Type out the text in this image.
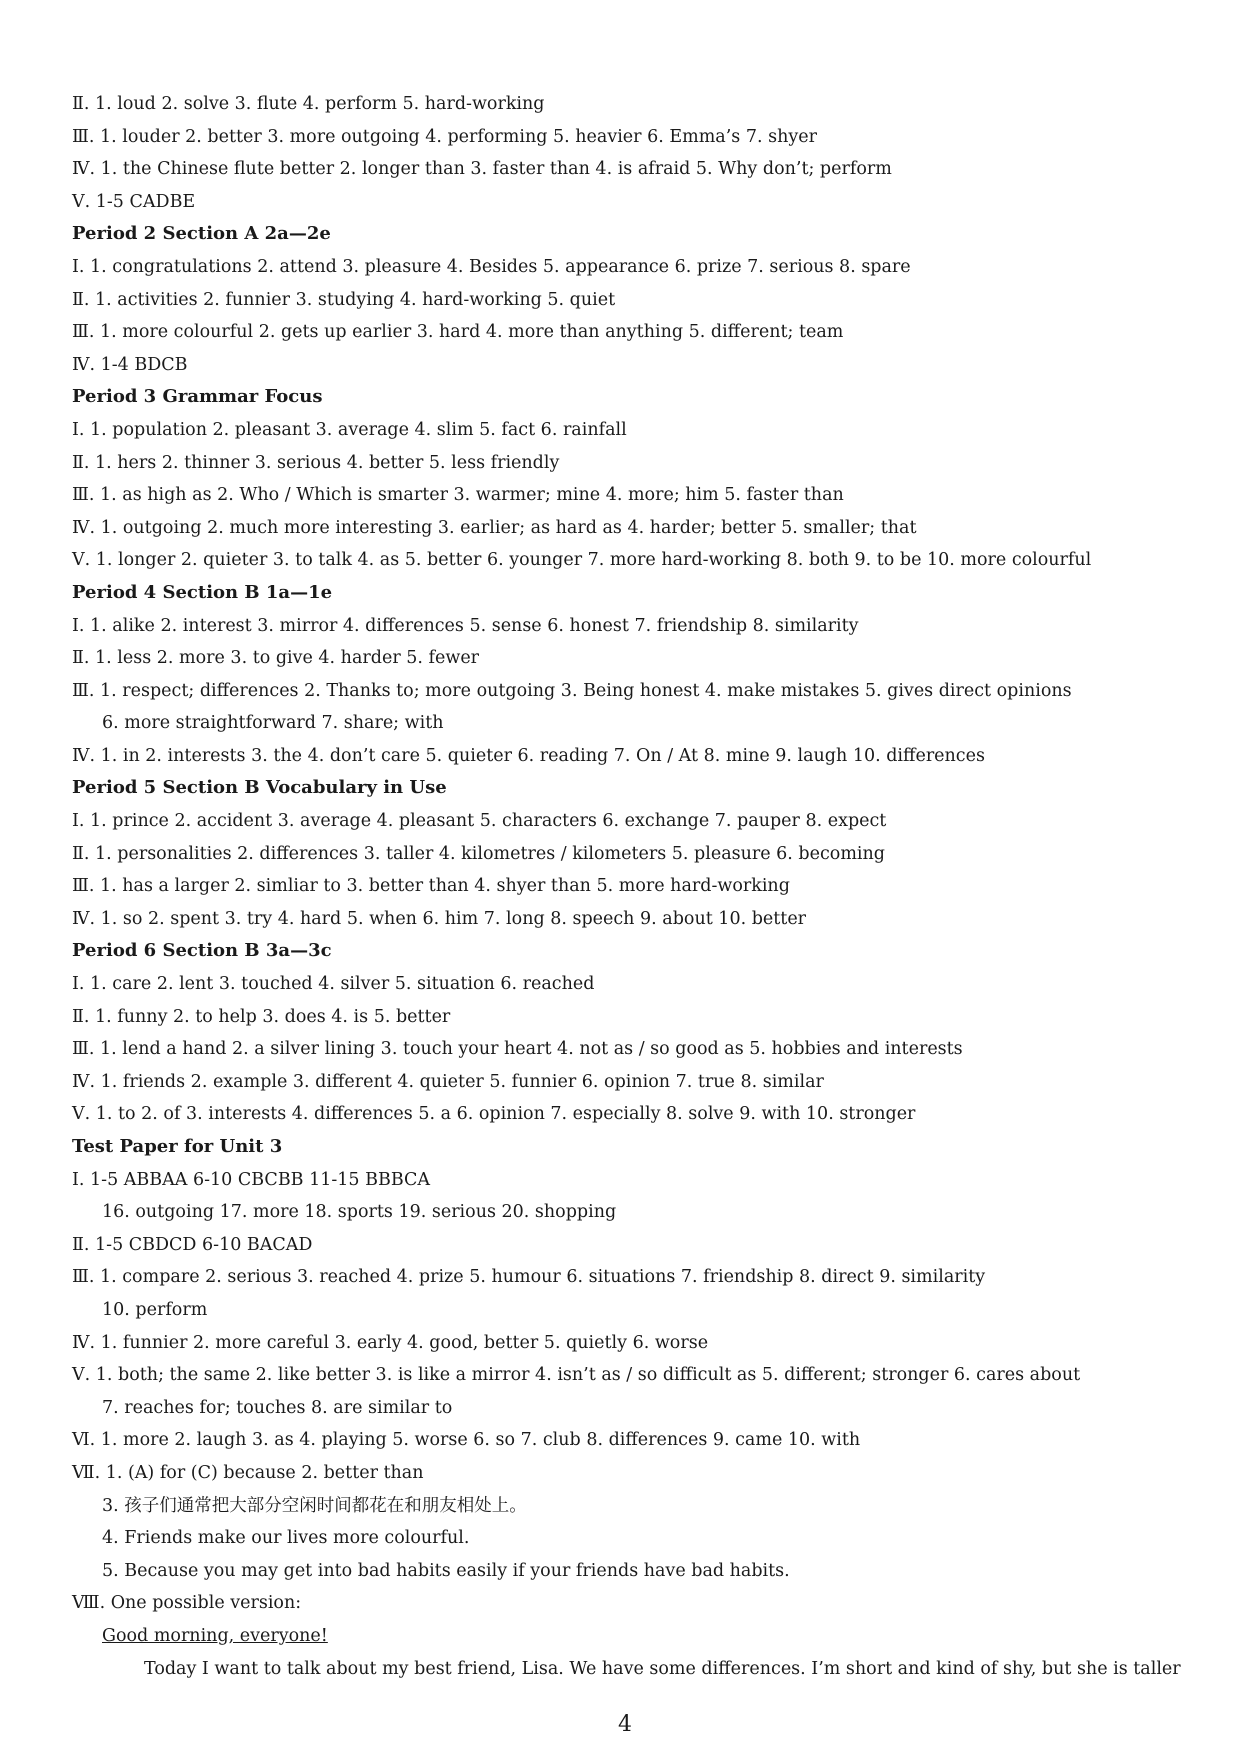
Ⅱ. 1. loud 2. solve 3. flute 4. perform 5. hard-working
Ⅲ. 1. louder 2. better 3. more outgoing 4. performing 5. heavier 6. Emma’s 7. shyer
Ⅳ. 1. the Chinese flute better 2. longer than 3. faster than 4. is afraid 5. Why don’t; perform
Ⅴ. 1-5 CADBE
Period 2 Section A 2a—2e
Ⅰ. 1. congratulations 2. attend 3. pleasure 4. Besides 5. appearance 6. prize 7. serious 8. spare
Ⅱ. 1. activities 2. funnier 3. studying 4. hard-working 5. quiet
Ⅲ. 1. more colourful 2. gets up earlier 3. hard 4. more than anything 5. different; team
Ⅳ. 1-4 BDCB
Period 3 Grammar Focus
Ⅰ. 1. population 2. pleasant 3. average 4. slim 5. fact 6. rainfall
Ⅱ. 1. hers 2. thinner 3. serious 4. better 5. less friendly
Ⅲ. 1. as high as 2. Who / Which is smarter 3. warmer; mine 4. more; him 5. faster than
Ⅳ. 1. outgoing 2. much more interesting 3. earlier; as hard as 4. harder; better 5. smaller; that
Ⅴ. 1. longer 2. quieter 3. to talk 4. as 5. better 6. younger 7. more hard-working 8. both 9. to be 10. more colourful
Period 4 Section B 1a—1e
Ⅰ. 1. alike 2. interest 3. mirror 4. differences 5. sense 6. honest 7. friendship 8. similarity
Ⅱ. 1. less 2. more 3. to give 4. harder 5. fewer
Ⅲ. 1. respect; differences 2. Thanks to; more outgoing 3. Being honest 4. make mistakes 5. gives direct opinions
6. more straightforward 7. share; with
Ⅳ. 1. in 2. interests 3. the 4. don’t care 5. quieter 6. reading 7. On / At 8. mine 9. laugh 10. differences
Period 5 Section B Vocabulary in Use
Ⅰ. 1. prince 2. accident 3. average 4. pleasant 5. characters 6. exchange 7. pauper 8. expect
Ⅱ. 1. personalities 2. differences 3. taller 4. kilometres / kilometers 5. pleasure 6. becoming
Ⅲ. 1. has a larger 2. simliar to 3. better than 4. shyer than 5. more hard-working
Ⅳ. 1. so 2. spent 3. try 4. hard 5. when 6. him 7. long 8. speech 9. about 10. better
Period 6 Section B 3a—3c
Ⅰ. 1. care 2. lent 3. touched 4. silver 5. situation 6. reached
Ⅱ. 1. funny 2. to help 3. does 4. is 5. better
Ⅲ. 1. lend a hand 2. a silver lining 3. touch your heart 4. not as / so good as 5. hobbies and interests
Ⅳ. 1. friends 2. example 3. different 4. quieter 5. funnier 6. opinion 7. true 8. similar
Ⅴ. 1. to 2. of 3. interests 4. differences 5. a 6. opinion 7. especially 8. solve 9. with 10. stronger
Test Paper for Unit 3
Ⅰ. 1-5 ABBAA 6-10 CBCBB 11-15 BBBCA
16. outgoing 17. more 18. sports 19. serious 20. shopping
Ⅱ. 1-5 CBDCD 6-10 BACAD
Ⅲ. 1. compare 2. serious 3. reached 4. prize 5. humour 6. situations 7. friendship 8. direct 9. similarity
10. perform
Ⅳ. 1. funnier 2. more careful 3. early 4. good, better 5. quietly 6. worse
Ⅴ. 1. both; the same 2. like better 3. is like a mirror 4. isn’t as / so difficult as 5. different; stronger 6. cares about
7. reaches for; touches 8. are similar to
Ⅵ. 1. more 2. laugh 3. as 4. playing 5. worse 6. so 7. club 8. differences 9. came 10. with
Ⅶ. 1. (A) for (C) because 2. better than
3. 孩子们通常把大部分空闲时间都花在和朋友相处上。
4. Friends make our lives more colourful.
5. Because you may get into bad habits easily if your friends have bad habits.
Ⅷ. One possible version:
Good morning, everyone!
Today I want to talk about my best friend, Lisa. We have some differences. I’m short and kind of shy, but she is taller
4
